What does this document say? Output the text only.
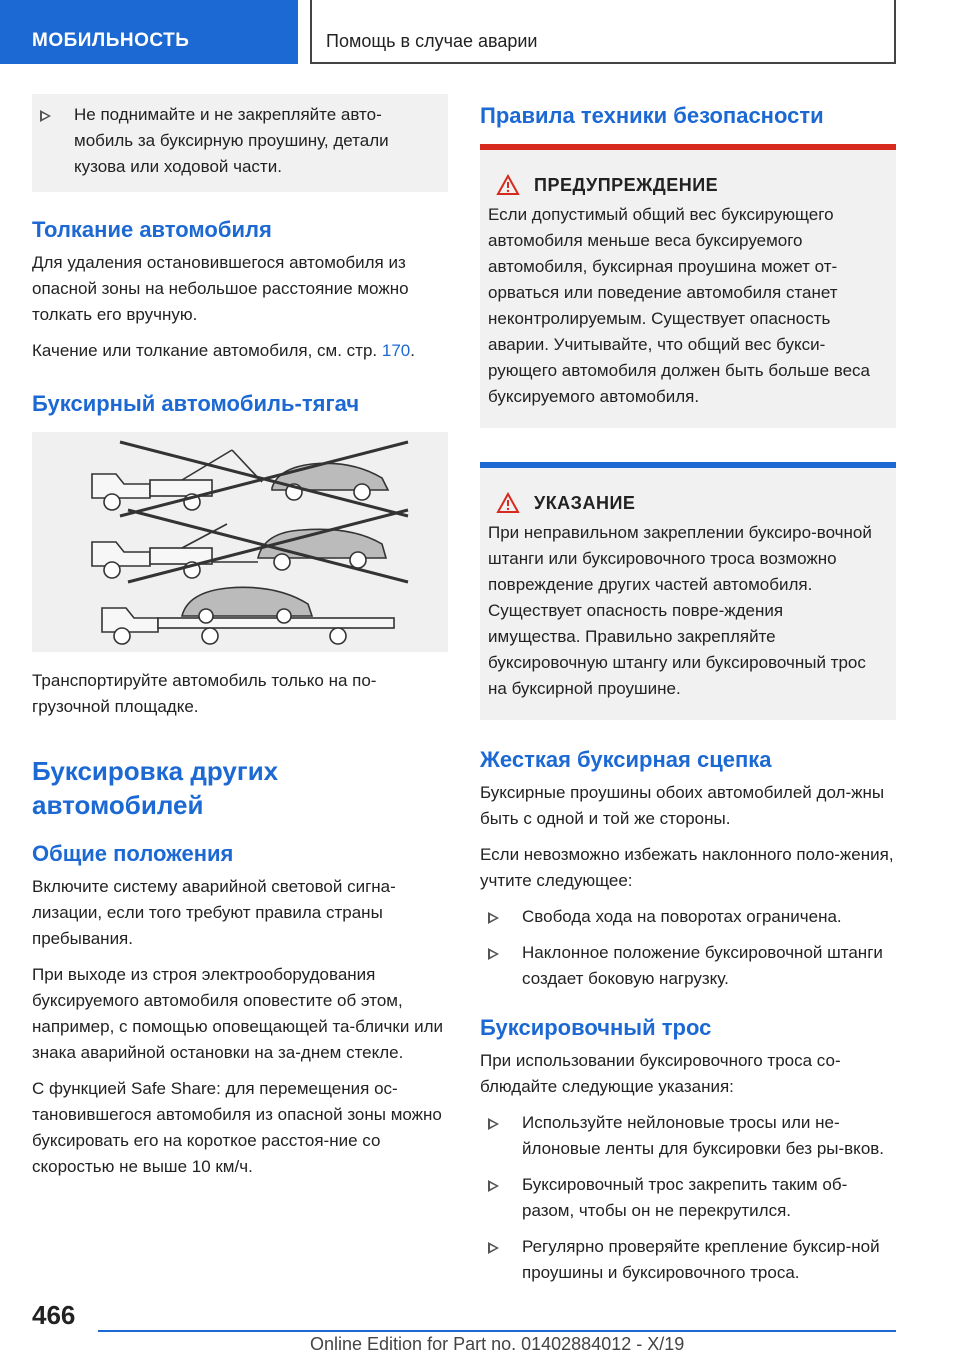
МОБИЛЬНОСТЬ	Помощь в случае аварии
Не поднимайте и не закрепляйте авто-мобиль за буксирную проушину, детали кузова или ходовой части.
Толкание автомобиля

Для удаления остановившегося автомобиля из опасной зоны на небольшое расстояние можно толкать его вручную.

Качение или толкание автомобиля, см. стр. 170.

Буксирный автомобиль-тягач

Транспортируйте автомобиль только на по-грузочной площадке.

Буксировка других автомобилей
Общие положения

Включите систему аварийной световой сигна-лизации, если того требуют правила страны пребывания.

При выходе из строя электрооборудования буксируемого автомобиля оповестите об этом, например, с помощью оповещающей та-блички или знака аварийной остановки на за-днем стекле.

С функцией Safe Share: для перемещения ос-тановившегося автомобиля из опасной зоны можно буксировать его на короткое расстоя-ние со скоростью не выше 10 км/ч.

Правила техники безопасности
ПРЕДУПРЕЖДЕНИЕ

Если допустимый общий вес буксирующего автомобиля меньше веса буксируемого автомобиля, буксирная проушина может от-орваться или поведение автомобиля станет неконтролируемым. Существует опасность аварии. Учитывайте, что общий вес букси-рующего автомобиля должен быть больше веса буксируемого автомобиля.

УКАЗАНИЕ

При неправильном закреплении буксиро-вочной штанги или буксировочного троса возможно повреждение других частей автомобиля. Существует опасность повре-ждения имущества. Правильно закрепляйте буксировочную штангу или буксировочный трос на буксирной проушине.

Жесткая буксирная сцепка

Буксирные проушины обоих автомобилей дол-жны быть с одной и той же стороны.

Если невозможно избежать наклонного поло-жения, учтите следующее:

Свобода хода на поворотах ограничена.
Наклонное положение буксировочной штанги создает боковую нагрузку.
Буксировочный трос

При использовании буксировочного троса со-блюдайте следующие указания:

Используйте нейлоновые тросы или не-йлоновые ленты для буксировки без ры-вков.
Буксировочный трос закрепить таким об-разом, чтобы он не перекрутился.
Регулярно проверяйте крепление буксир-ной проушины и буксировочного троса.
466
Online Edition for Part no. 01402884012 - X/19
